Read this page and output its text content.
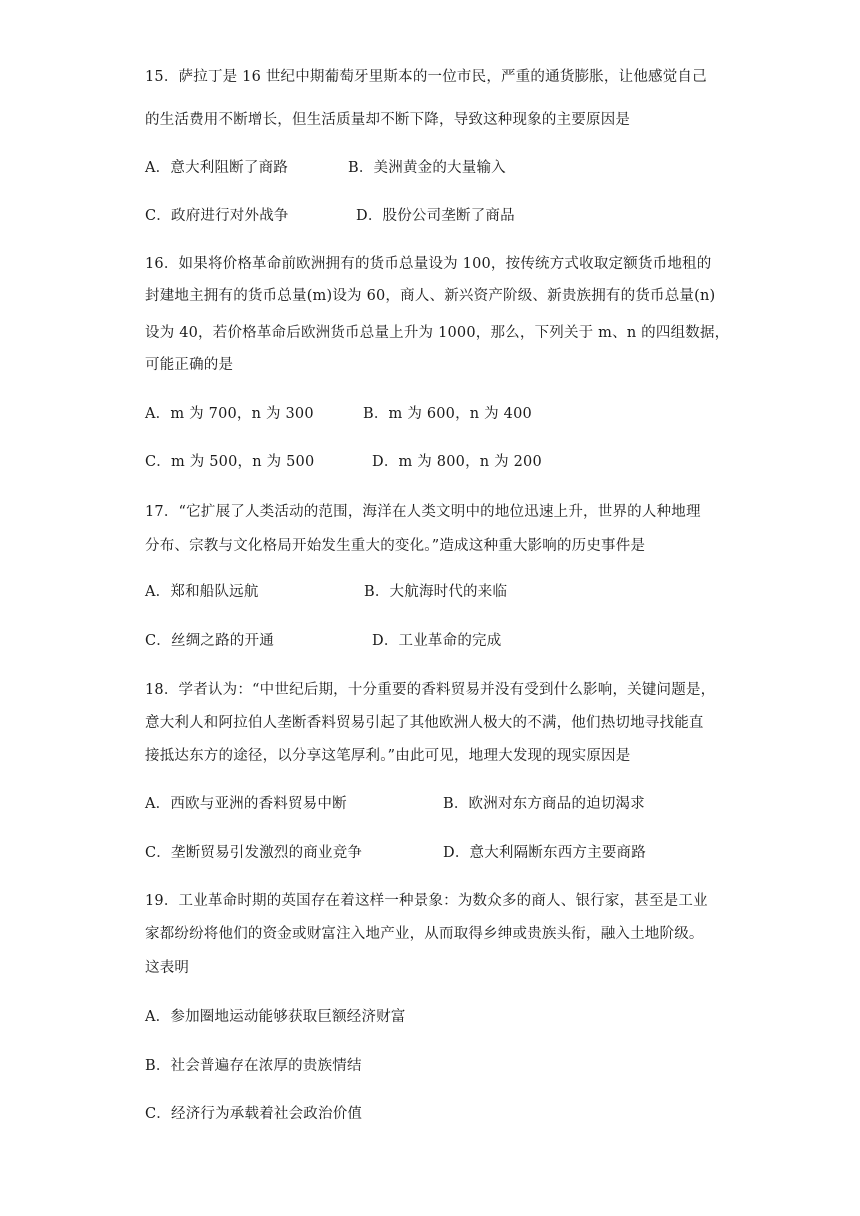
15．萨拉丁是 16 世纪中期葡萄牙里斯本的一位市民，严重的通货膨胀，让他感觉自己
的生活费用不断增长，但生活质量却不断下降，导致这种现象的主要原因是
A．意大利阻断了商路	B．美洲黄金的大量输入
C．政府进行对外战争	D．股份公司垄断了商品
16．如果将价格革命前欧洲拥有的货币总量设为 100，按传统方式收取定额货币地租的
封建地主拥有的货币总量(m)设为 60，商人、新兴资产阶级、新贵族拥有的货币总量(n)
设为 40，若价格革命后欧洲货币总量上升为 1000，那么，下列关于 m、n 的四组数据，
可能正确的是
A．m 为 700，n 为 300	B．m 为 600，n 为 400
C．m 为 500，n 为 500	D．m 为 800，n 为 200
17．“它扩展了人类活动的范围，海洋在人类文明中的地位迅速上升，世界的人种地理
分布、宗教与文化格局开始发生重大的变化。”造成这种重大影响的历史事件是
A．郑和船队远航	B．大航海时代的来临
C．丝绸之路的开通	D．工业革命的完成
18．学者认为：“中世纪后期，十分重要的香料贸易并没有受到什么影响，关键问题是，
意大利人和阿拉伯人垄断香料贸易引起了其他欧洲人极大的不满，他们热切地寻找能直
接抵达东方的途径，以分享这笔厚利。”由此可见，地理大发现的现实原因是
A．西欧与亚洲的香料贸易中断	B．欧洲对东方商品的迫切渴求
C．垄断贸易引发激烈的商业竞争	D．意大利隔断东西方主要商路
19．工业革命时期的英国存在着这样一种景象：为数众多的商人、银行家，甚至是工业
家都纷纷将他们的资金或财富注入地产业，从而取得乡绅或贵族头衔，融入土地阶级。
这表明
A．参加圈地运动能够获取巨额经济财富
B．社会普遍存在浓厚的贵族情结
C．经济行为承载着社会政治价值
